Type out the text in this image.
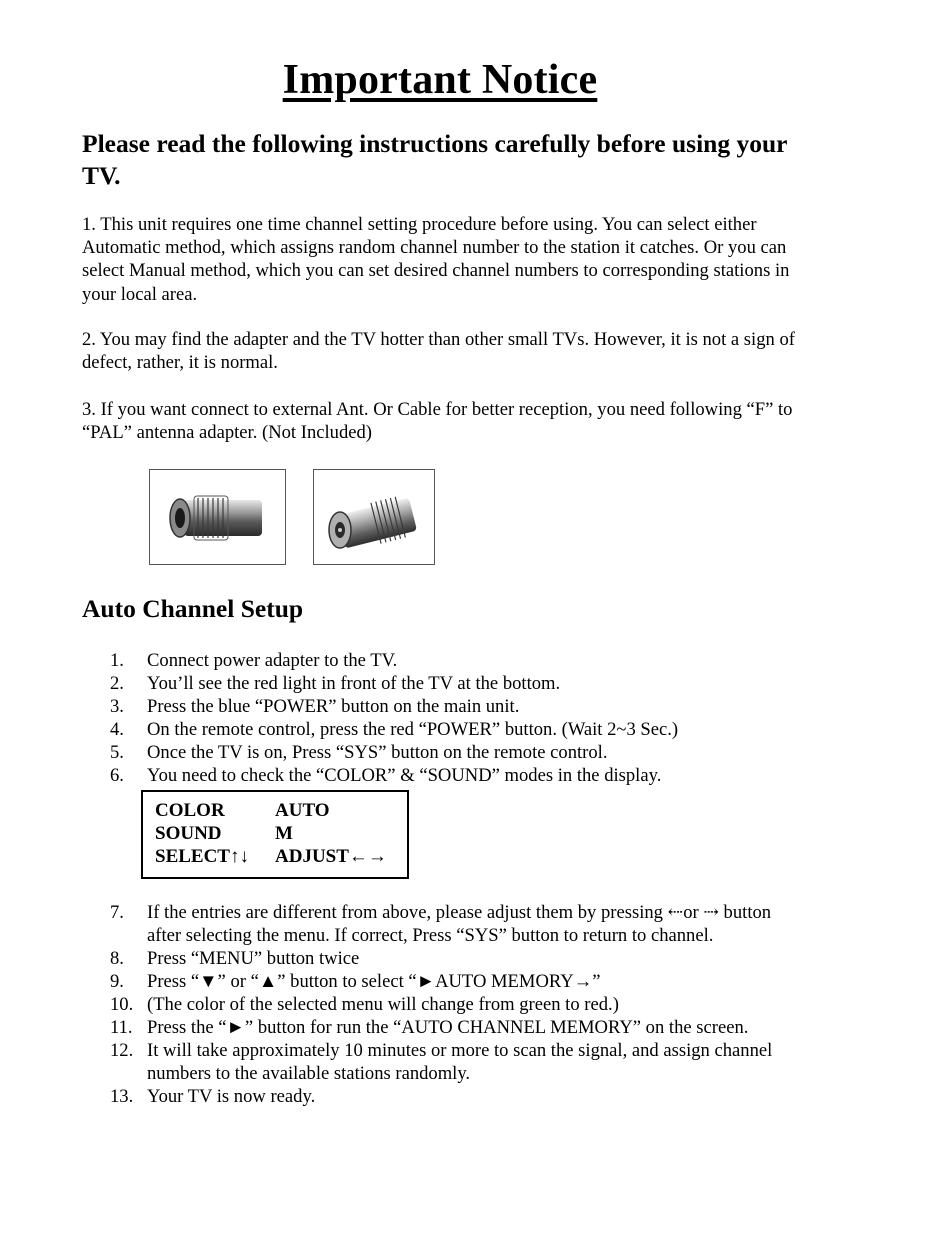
Important Notice
Please read the following instructions carefully before using your TV.
1. This unit requires one time channel setting procedure before using. You can select either Automatic method, which assigns random channel number to the station it catches. Or you can select Manual method, which you can set desired channel numbers to corresponding stations in your local area.
2. You may find the adapter and the TV hotter than other small TVs. However, it is not a sign of defect, rather, it is normal.
3. If you want connect to external Ant. Or Cable for better reception, you need following “F” to “PAL” antenna adapter. (Not Included)
Auto Channel Setup
1.	Connect power adapter to the TV.
2.	You’ll see the red light in front of the TV at the bottom.
3.	Press the blue “POWER” button on the main unit.
4.	On the remote control, press the red “POWER” button. (Wait 2~3 Sec.)
5.	Once the TV is on, Press “SYS” button on the remote control.
6.	You need to check the “COLOR” & “SOUND” modes in the display.
COLOR	AUTO
SOUND	M
SELECT↑↓	ADJUST←→
7.	If the entries are different from above, please adjust them by pressing ⇠or ⇢ button after selecting the menu. If correct, Press “SYS” button to return to channel.
8.	Press “MENU” button twice
9.	Press “▼” or “▲” button to select “►AUTO MEMORY→”
10. (The color of the selected menu will change from green to red.)
11. Press the “►” button for run the “AUTO CHANNEL MEMORY” on the screen.
12. It will take approximately 10 minutes or more to scan the signal, and assign channel numbers to the available stations randomly.
13. Your TV is now ready.
